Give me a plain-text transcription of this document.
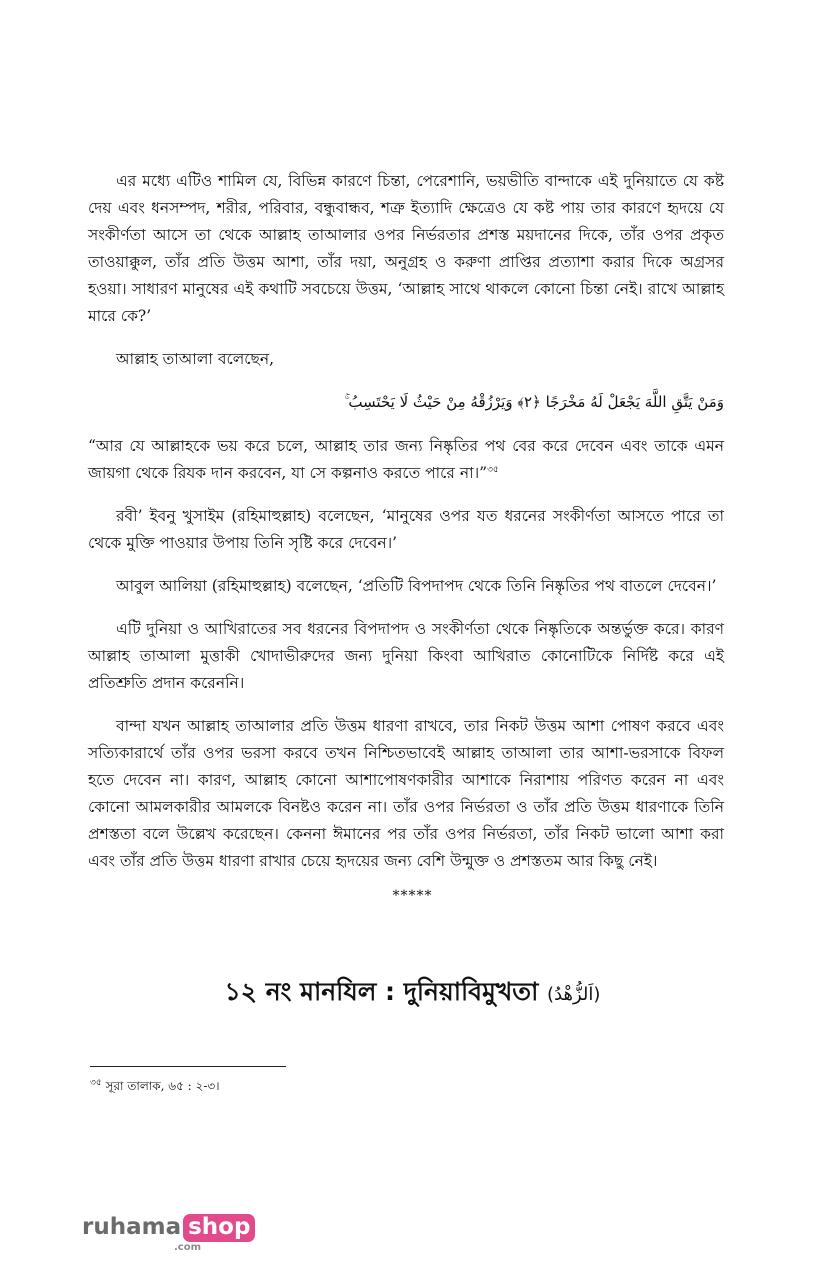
এর মধ্যে এটিও শামিল যে, বিভিন্ন কারণে চিন্তা, পেরেশানি, ভয়ভীতি বান্দাকে এই দুনিয়াতে যে কষ্ট দেয় এবং ধনসম্পদ, শরীর, পরিবার, বন্ধুবান্ধব, শত্রু ইত্যাদি ক্ষেত্রেও যে কষ্ট পায় তার কারণে হৃদয়ে যে সংকীর্ণতা আসে তা থেকে আল্লাহ তাআলার ওপর নির্ভরতার প্রশস্ত ময়দানের দিকে, তাঁর ওপর প্রকৃত তাওয়াক্কুল, তাঁর প্রতি উত্তম আশা, তাঁর দয়া, অনুগ্রহ ও করুণা প্রাপ্তির প্রত্যাশা করার দিকে অগ্রসর হওয়া। সাধারণ মানুষের এই কথাটি সবচেয়ে উত্তম, ‘আল্লাহ সাথে থাকলে কোনো চিন্তা নেই। রাখে আল্লাহ মারে কে?’

আল্লাহ তাআলা বলেছেন,

وَمَنْ يَتَّقِ اللَّهَ يَجْعَلْ لَهُ مَخْرَجًا ﴿٢﴾ وَيَرْزُقْهُ مِنْ حَيْثُ لَا يَحْتَسِبُ ۚ

“আর যে আল্লাহকে ভয় করে চলে, আল্লাহ তার জন্য নিষ্কৃতির পথ বের করে দেবেন এবং তাকে এমন জায়গা থেকে রিযক দান করবেন, যা সে কল্পনাও করতে পারে না।”$^{৩৫}$

রবী’ ইবনু খুসাইম (রহিমাহুল্লাহ) বলেছেন, ‘মানুষের ওপর যত ধরনের সংকীর্ণতা আসতে পারে তা থেকে মুক্তি পাওয়ার উপায় তিনি সৃষ্টি করে দেবেন।’

আবুল আলিয়া (রহিমাহুল্লাহ) বলেছেন, ‘প্রতিটি বিপদাপদ থেকে তিনি নিষ্কৃতির পথ বাতলে দেবেন।’

এটি দুনিয়া ও আখিরাতের সব ধরনের বিপদাপদ ও সংকীর্ণতা থেকে নিষ্কৃতিকে অন্তর্ভুক্ত করে। কারণ আল্লাহ তাআলা মুত্তাকী খোদাভীরুদের জন্য দুনিয়া কিংবা আখিরাত কোনোটিকে নির্দিষ্ট করে এই প্রতিশ্রুতি প্রদান করেননি।

বান্দা যখন আল্লাহ তাআলার প্রতি উত্তম ধারণা রাখবে, তার নিকট উত্তম আশা পোষণ করবে এবং সত্যিকারার্থে তাঁর ওপর ভরসা করবে তখন নিশ্চিতভাবেই আল্লাহ তাআলা তার আশা-ভরসাকে বিফল হতে দেবেন না। কারণ, আল্লাহ কোনো আশাপোষণকারীর আশাকে নিরাশায় পরিণত করেন না এবং কোনো আমলকারীর আমলকে বিনষ্টও করেন না। তাঁর ওপর নির্ভরতা ও তাঁর প্রতি উত্তম ধারণাকে তিনি প্রশস্ততা বলে উল্লেখ করেছেন। কেননা ঈমানের পর তাঁর ওপর নির্ভরতা, তাঁর নিকট ভালো আশা করা এবং তাঁর প্রতি উত্তম ধারণা রাখার চেয়ে হৃদয়ের জন্য বেশি উন্মুক্ত ও প্রশস্ততম আর কিছু নেই।

*****
১২ নং মানযিল : দুনিয়াবিমুখতা (اَلزُّهْدُ)
$^{৩৫}$ সূরা তালাক, ৬৫ : ২-৩।
ruhama shop
.com
